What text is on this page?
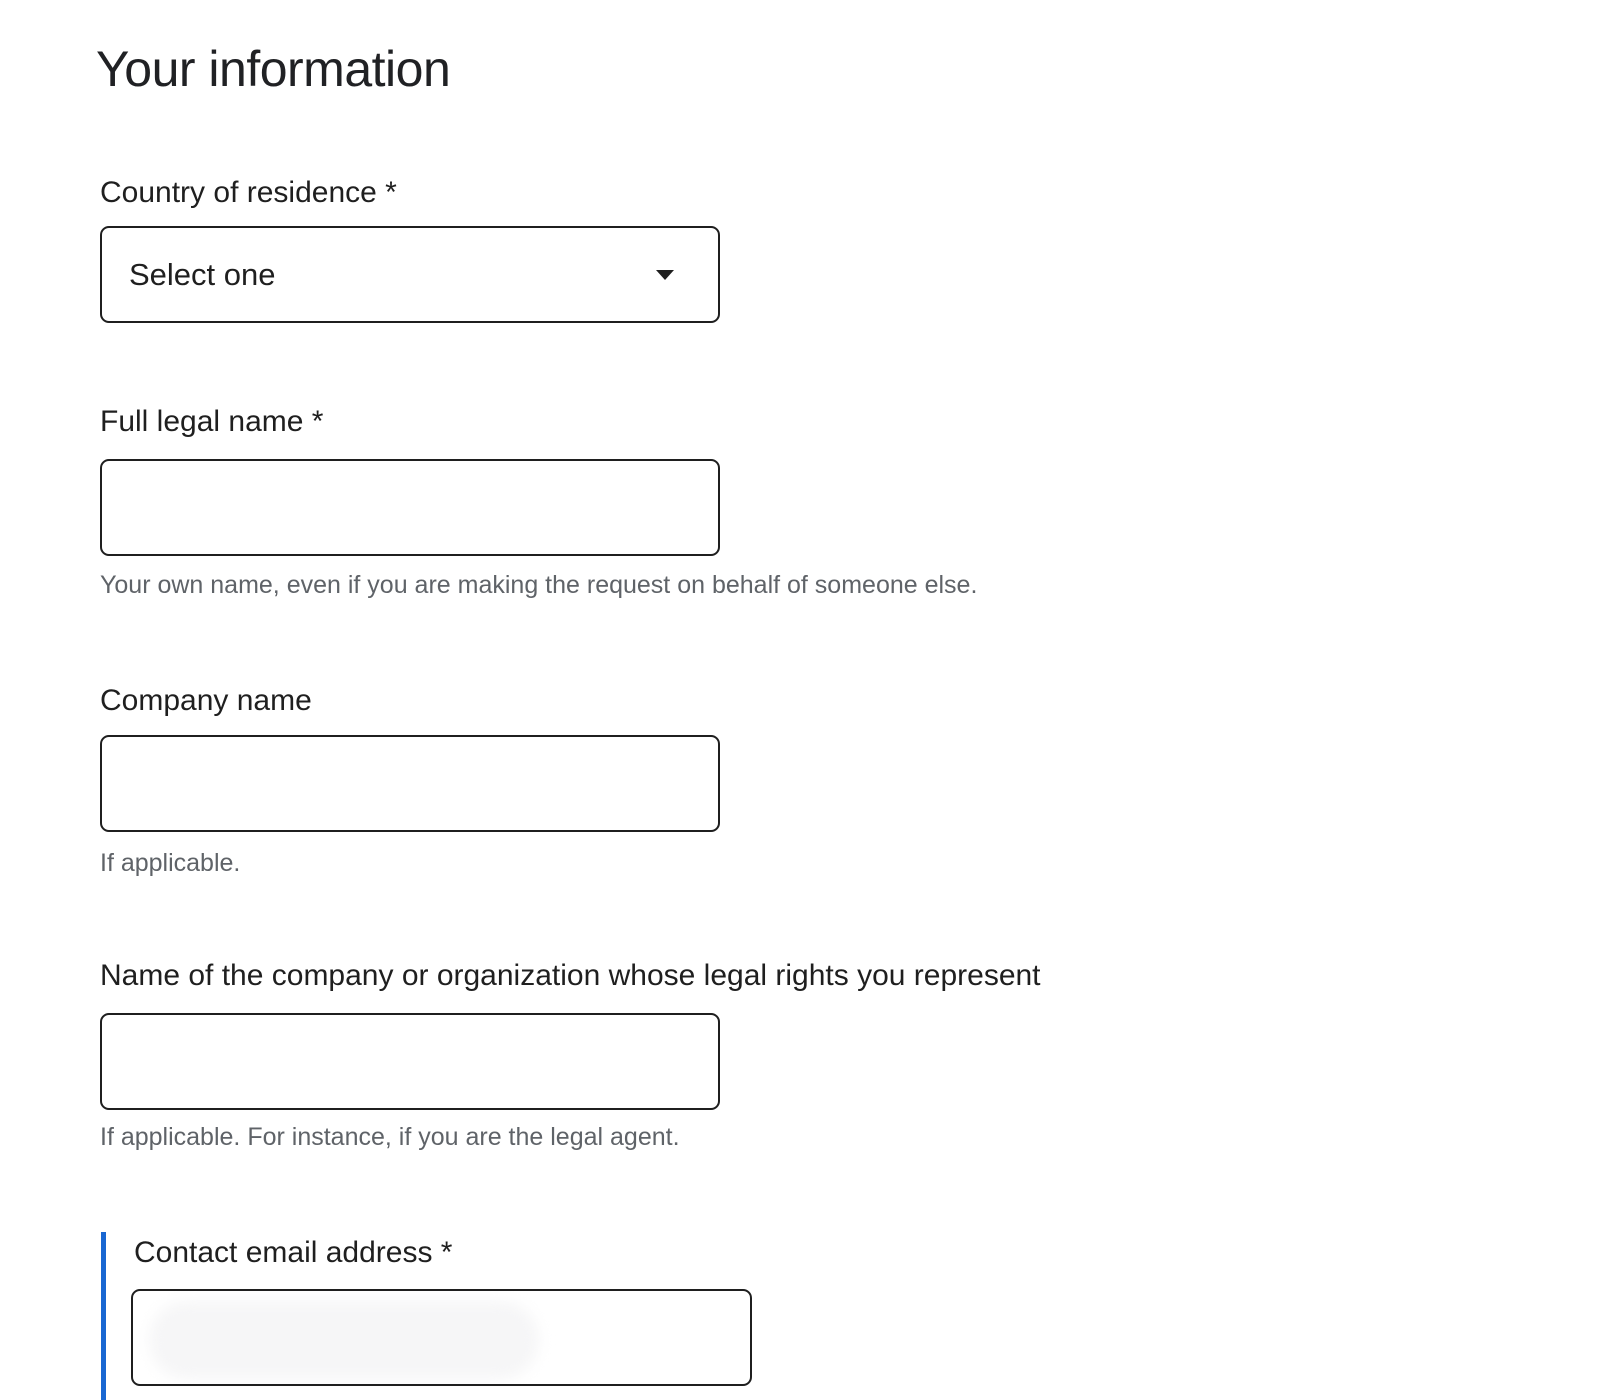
Your information
Country of residence *
Select one
Full legal name *
Your own name, even if you are making the request on behalf of someone else.
Company name
If applicable.
Name of the company or organization whose legal rights you represent
If applicable. For instance, if you are the legal agent.
Contact email address *
